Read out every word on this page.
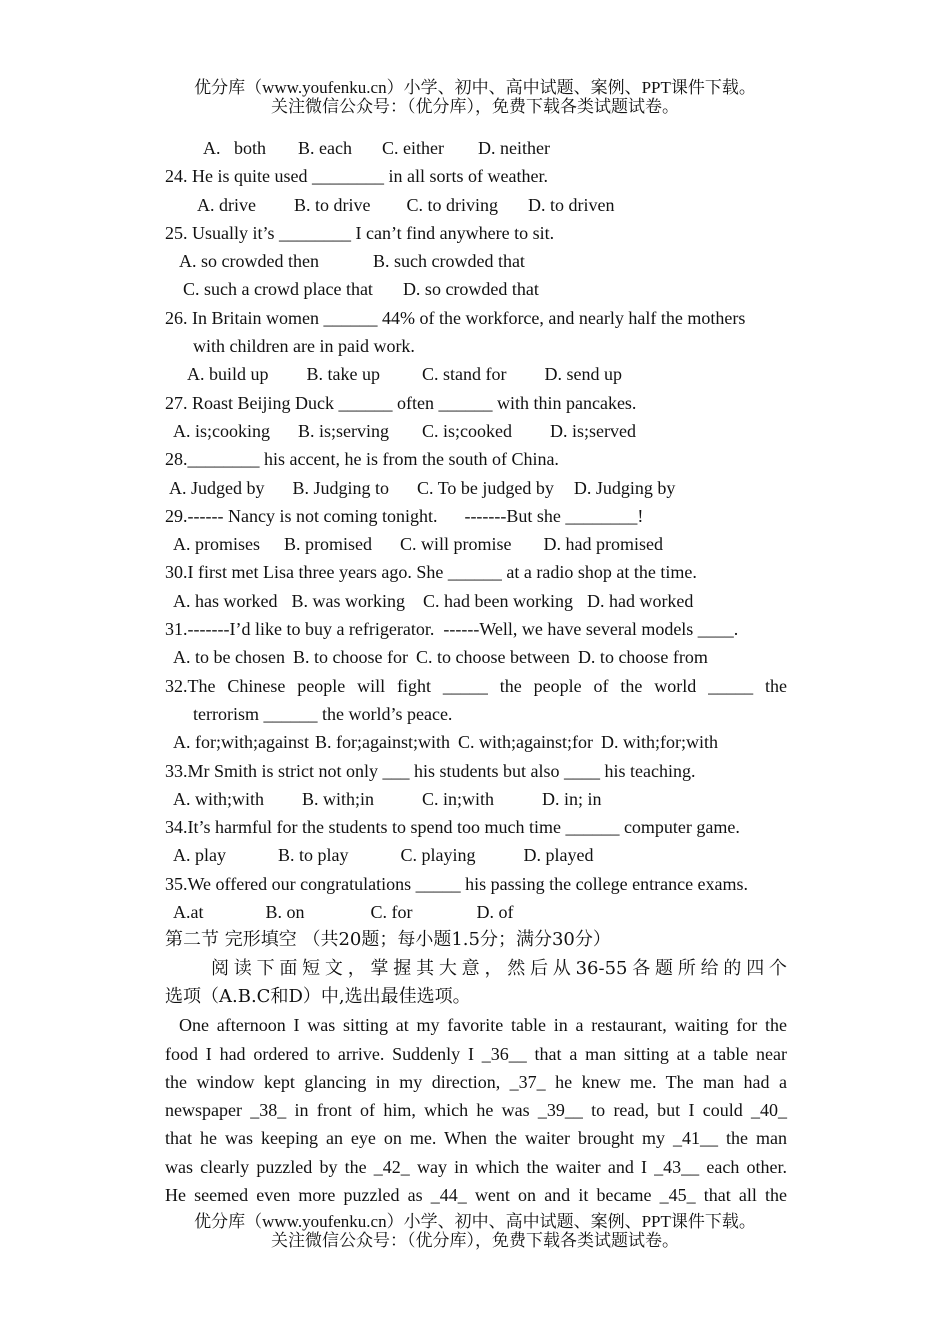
优分库（www.youfenku.cn）小学、初中、高中试题、案例、PPT课件下载。
关注微信公众号：（优分库），免费下载各类试题试卷。
A.   both B. each C. either D. neither
24. He is quite used ________ in all sorts of weather.
A. drive B. to drive C. to driving D. to driven
25. Usually it’s ________ I can’t find anywhere to sit.
A. so crowded then	B. such crowded that
C. such a crowd place that D. so crowded that
26. In Britain women ______ 44% of the workforce, and nearly half the mothers
with children are in paid work.
A. build up B. take up C. stand for D. send up
27. Roast Beijing Duck ______ often ______ with thin pancakes.
A. is;cooking B. is;serving C. is;cooked D. is;served
28.________ his accent, he is from the south of China.
A. Judged by B. Judging to C. To be judged by D. Judging by
29.------ Nancy is not coming tonight.      -------But she ________!
A. promises B. promised C. will promise D. had promised
30.I first met Lisa three years ago. She ______ at a radio shop at the time.
A. has worked B. was working C. had been working D. had worked
31.-------I’d like to buy a refrigerator.  ------Well, we have several models ____.
A. to be chosen B. to choose for C. to choose between D. to choose from
32.The Chinese people will fight _____ the people of the world _____ the
terrorism ______ the world’s peace.
A. for;with;against B. for;against;with C. with;against;for D. with;for;with
33.Mr Smith is strict not only ___ his students but also ____ his teaching.
A. with;with B. with;in	C. in;with	D. in; in
34.It’s harmful for the students to spend too much time ______ computer game.
A. play	B. to play	C. playing	D. played
35.We offered our congratulations _____ his passing the college entrance exams.
A.at	B. on	C. for	D. of
第二节 完形填空 （共20题；每小题1.5分；满分30分）
阅读下面短文，掌握其大意，然后从36-55各题所给的四个
选项（A.B.C和D）中,选出最佳选项。
One afternoon I was sitting at my favorite table in a restaurant, waiting for the
food I had ordered to arrive. Suddenly I _36__ that a man sitting at a table near
the window kept glancing in my direction, _37_ he knew me. The man had a
newspaper _38_ in front of him, which he was _39__ to read, but I could _40_
that he was keeping an eye on me. When the waiter brought my _41__ the man
was clearly puzzled by the _42_ way in which the waiter and I _43__ each other.
He seemed even more puzzled as _44_ went on and it became _45_ that all the
优分库（www.youfenku.cn）小学、初中、高中试题、案例、PPT课件下载。
关注微信公众号：（优分库），免费下载各类试题试卷。
